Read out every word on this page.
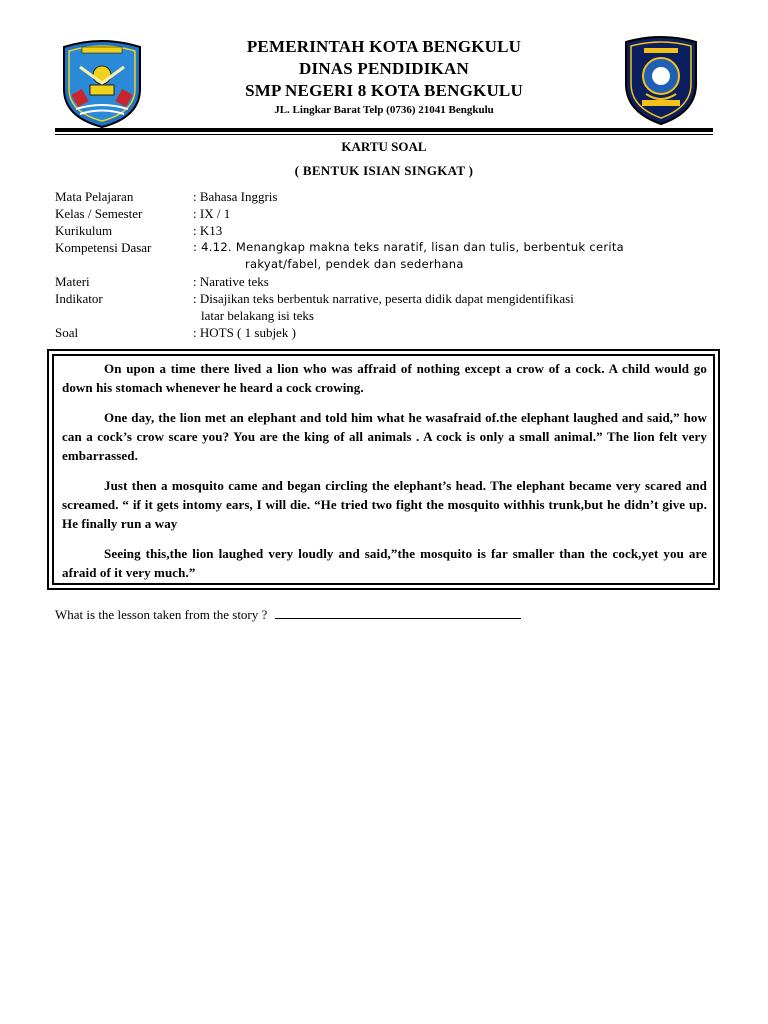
PEMERINTAH KOTA BENGKULU
DINAS PENDIDIKAN
SMP NEGERI 8 KOTA BENGKULU
JL. Lingkar Barat Telp (0736) 21041 Bengkulu
KARTU SOAL
( BENTUK ISIAN SINGKAT )
Mata Pelajaran	: Bahasa Inggris
Kelas / Semester	: IX / 1
Kurikulum	: K13
Kompetensi Dasar	: 4.12. Menangkap makna teks naratif, lisan dan tulis, berbentuk cerita
rakyat/fabel, pendek dan sederhana
Materi	: Narative teks
Indikator	: Disajikan teks berbentuk narrative, peserta didik dapat mengidentifikasi
latar belakang isi teks
Soal	: HOTS ( 1 subjek )

On upon a time there lived a lion who was affraid of nothing except a crow of a cock. A child would go down his stomach whenever he heard a cock crowing.

One day, the lion met an elephant and told him what he wasafraid of.the elephant laughed and said,” how can a cock’s crow scare you? You are the king of all animals . A cock is only a small animal.” The lion felt very embarrassed.

Just then a mosquito came and began circling the elephant’s head. The elephant became very scared and screamed. “ if it gets intomy ears, I will die. “He tried two fight the mosquito withhis trunk,but he didn’t give up. He finally run a way

Seeing this,the lion laughed very loudly and said,”the mosquito is far smaller than the cock,yet you are afraid of it very much.”

What is the lesson taken from the story ?
